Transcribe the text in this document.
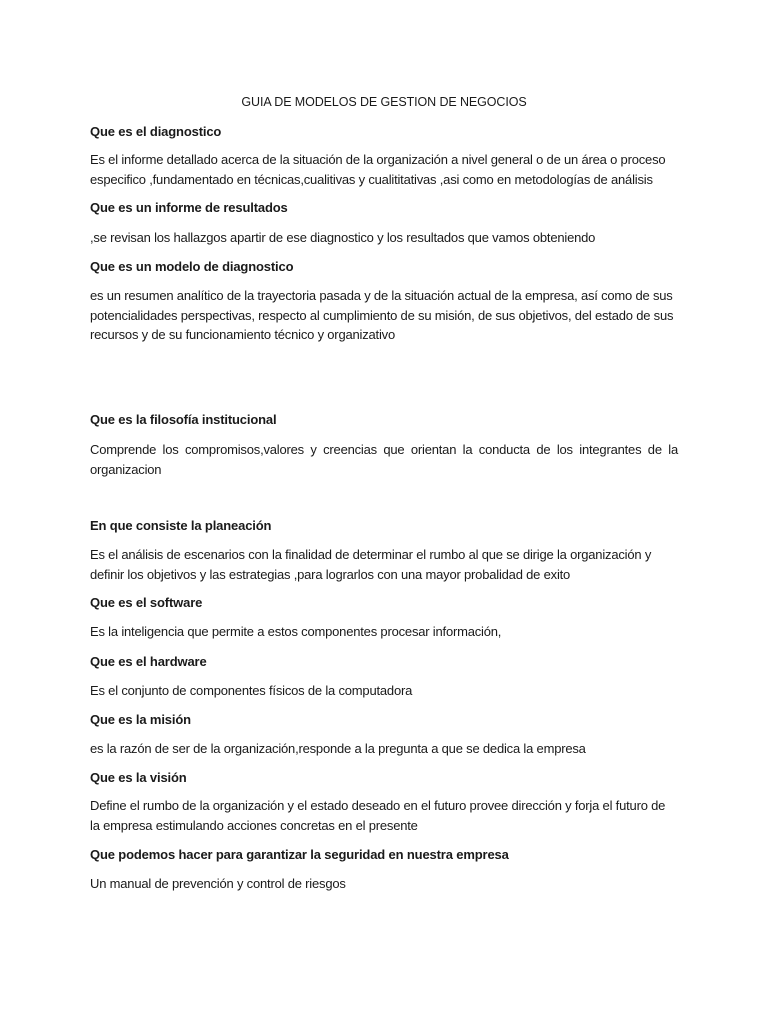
GUIA DE MODELOS DE GESTION DE NEGOCIOS
Que es el diagnostico
Es el informe detallado acerca de la situación de la organización a nivel general o de un área o proceso especifico ,fundamentado en técnicas,cualitivas y cualititativas ,asi como en metodologías de análisis
Que es un informe de resultados
,se revisan los hallazgos apartir de ese diagnostico y los resultados que vamos obteniendo
Que es un modelo de diagnostico
es un resumen analítico de la trayectoria pasada y de la situación actual de la empresa, así como de sus potencialidades perspectivas, respecto al cumplimiento de su misión, de sus objetivos, del estado de sus recursos y de su funcionamiento técnico y organizativo
Que es la filosofía institucional
Comprende los compromisos,valores y creencias que orientan la conducta de los integrantes de la organizacion
En que consiste la planeación
Es el análisis de escenarios con la finalidad de determinar el rumbo al que se dirige la organización y definir los objetivos y las estrategias ,para lograrlos con una mayor probalidad de exito
Que es el software
Es la inteligencia que permite a estos componentes procesar información,
Que es el hardware
Es el conjunto de componentes físicos de la computadora
Que es la misión
es la razón de ser de la organización,responde a la pregunta a que se dedica la empresa
Que es la visión
Define el rumbo de la organización y el estado deseado en el futuro provee dirección y forja el futuro de la empresa estimulando acciones concretas en el presente
Que podemos hacer para garantizar la seguridad en nuestra empresa
Un manual de prevención y control de riesgos
